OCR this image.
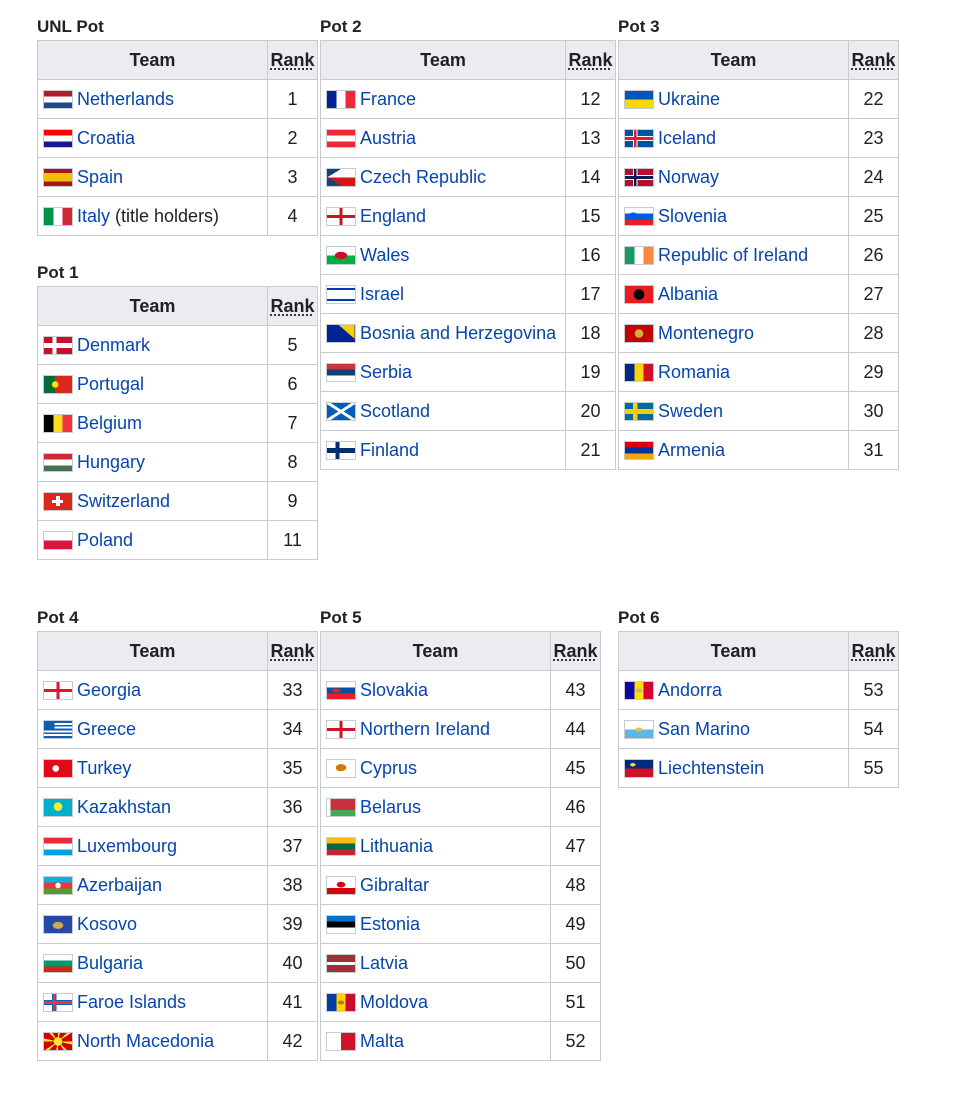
UNL Pot
Team	Rank
Netherlands	1
Croatia	2
Spain	3
Italy (title holders)	4
Pot 1
Team	Rank
Denmark	5
Portugal	6
Belgium	7
Hungary	8
Switzerland	9
Poland	11
Pot 2
Team	Rank
France	12
Austria	13
Czech Republic	14
England	15
Wales	16
Israel	17
Bosnia and Herzegovina	18
Serbia	19
Scotland	20
Finland	21
Pot 3
Team	Rank
Ukraine	22
Iceland	23
Norway	24
Slovenia	25
Republic of Ireland	26
Albania	27
Montenegro	28
Romania	29
Sweden	30
Armenia	31
Pot 4
Team	Rank
Georgia	33
Greece	34
Turkey	35
Kazakhstan	36
Luxembourg	37
Azerbaijan	38
Kosovo	39
Bulgaria	40
Faroe Islands	41
North Macedonia	42
Pot 5
Team	Rank
Slovakia	43
Northern Ireland	44
Cyprus	45
Belarus	46
Lithuania	47
Gibraltar	48
Estonia	49
Latvia	50
Moldova	51
Malta	52
Pot 6
Team	Rank
Andorra	53
San Marino	54
Liechtenstein	55
